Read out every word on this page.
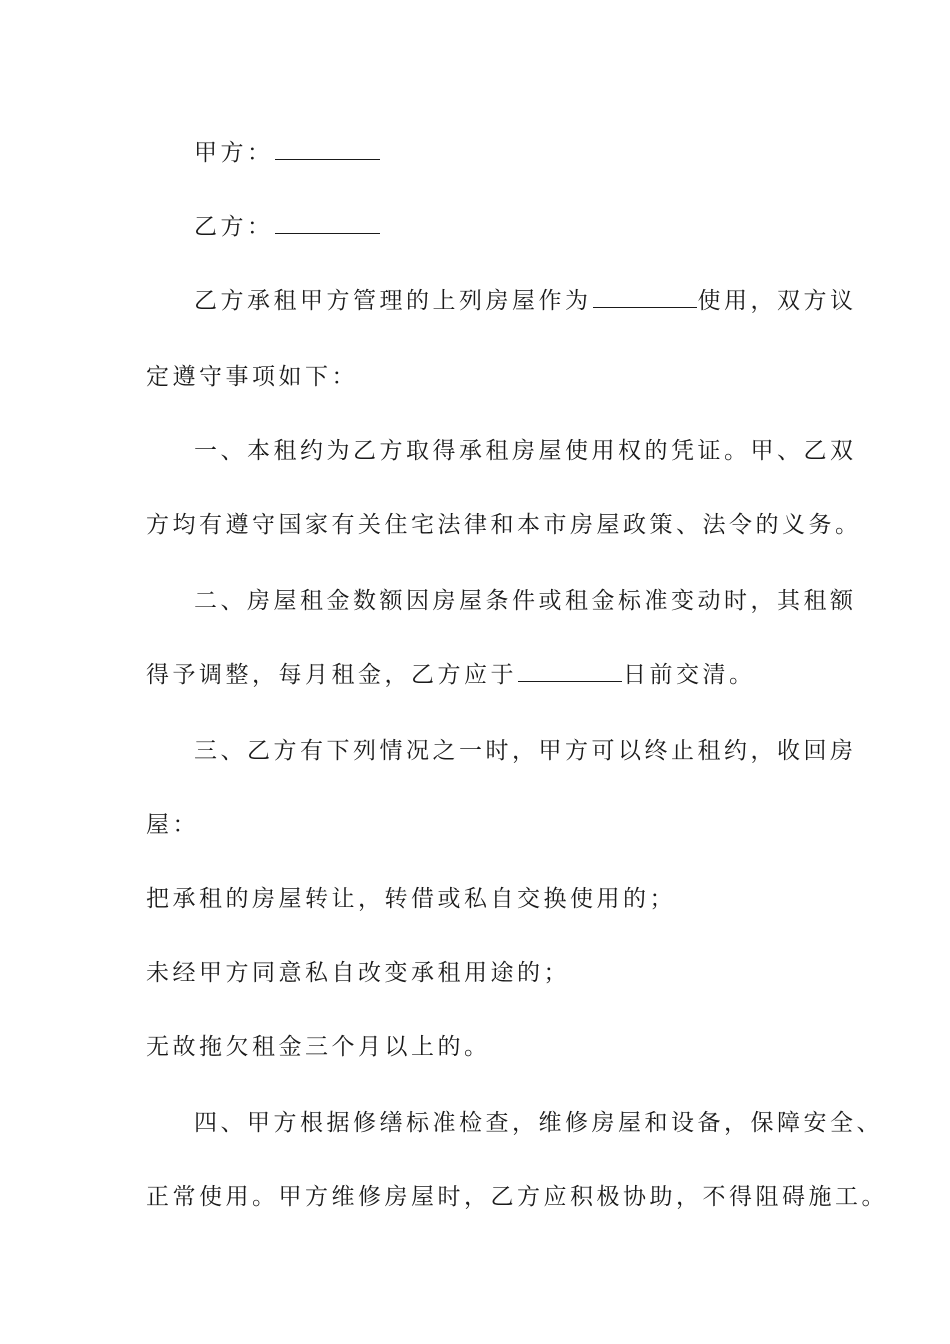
甲方：
乙方：
乙方承租甲方管理的上列房屋作为	使用，双方议
定遵守事项如下：
一、本租约为乙方取得承租房屋使用权的凭证。甲、乙双
方均有遵守国家有关住宅法律和本市房屋政策、法令的义务。
二、房屋租金数额因房屋条件或租金标准变动时，其租额
得予调整，每月租金，乙方应于	日前交清。
三、乙方有下列情况之一时，甲方可以终止租约，收回房
屋：
把承租的房屋转让，转借或私自交换使用的；
未经甲方同意私自改变承租用途的；
无故拖欠租金三个月以上的。
四、甲方根据修缮标准检查，维修房屋和设备，保障安全、
正常使用。甲方维修房屋时，乙方应积极协助，不得阻碍施工。
